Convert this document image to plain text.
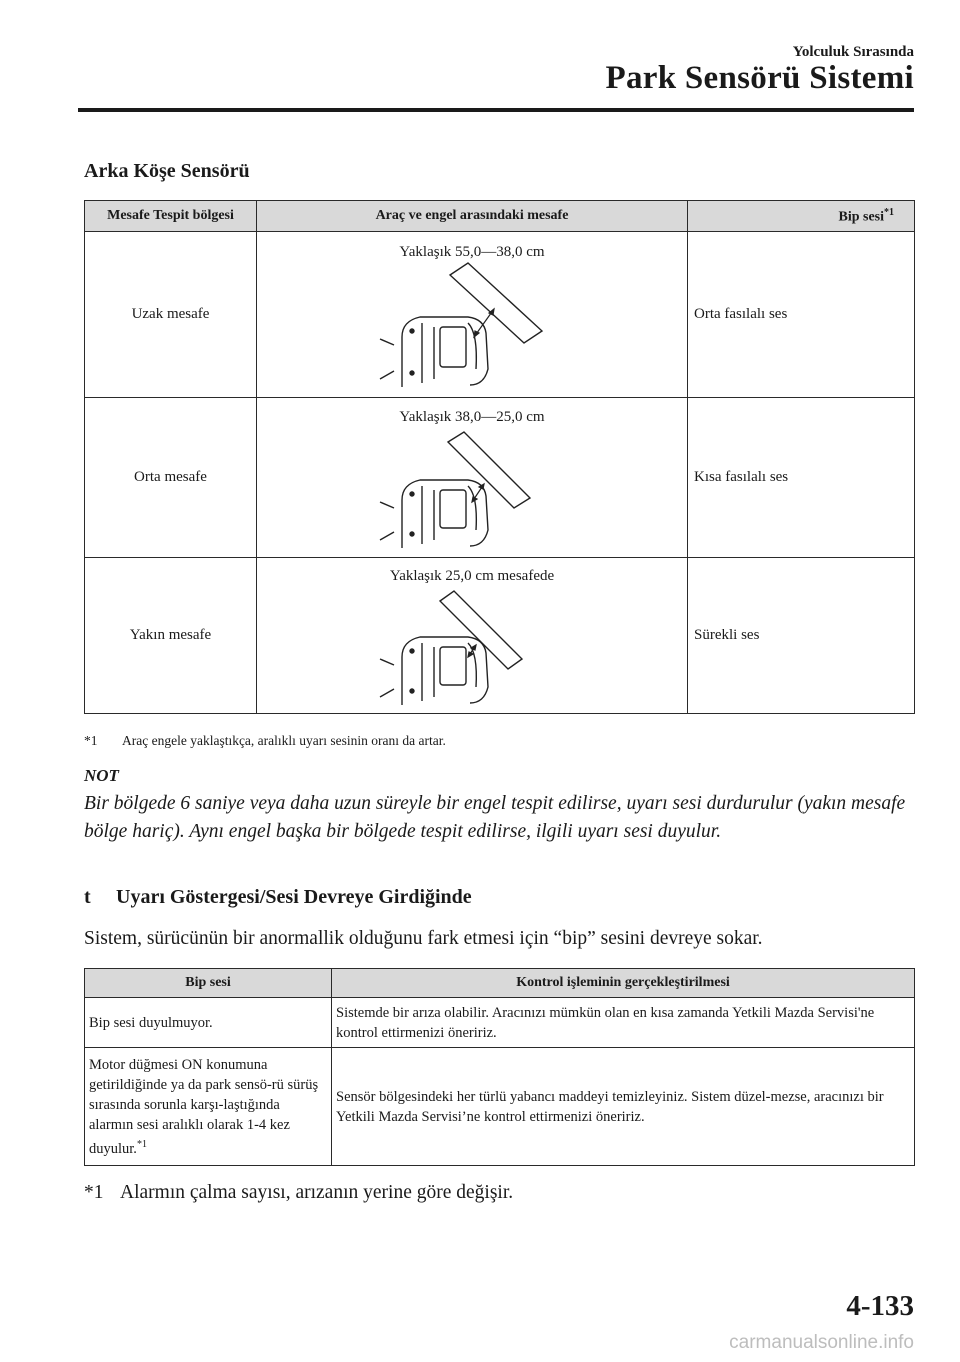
Yolculuk Sırasında
Park Sensörü Sistemi
Arka Köşe Sensörü
Mesafe Tespit bölgesi	Araç ve engel arasındaki mesafe	Bip sesi$^{*1}$
Uzak mesafe	Yaklaşık 55,0―38,0 cm	Orta fasılalı ses
Orta mesafe	Yaklaşık 38,0―25,0 cm	Kısa fasılalı ses
Yakın mesafe	Yaklaşık 25,0 cm mesafede	Sürekli ses
*1 Araç engele yaklaştıkça, aralıklı uyarı sesinin oranı da artar.
NOT
Bir bölgede 6 saniye veya daha uzun süreyle bir engel tespit edilirse, uyarı sesi durdurulur (yakın mesafe bölge hariç). Aynı engel başka bir bölgede tespit edilirse, ilgili uyarı sesi duyulur.
t Uyarı Göstergesi/Sesi Devreye Girdiğinde
Sistem, sürücünün bir anormallik olduğunu fark etmesi için “bip” sesini devreye sokar.
Bip sesi	Kontrol işleminin gerçekleştirilmesi
Bip sesi duyulmuyor.	Sistemde bir arıza olabilir. Aracınızı mümkün olan en kısa zamanda Yetkili Mazda Servisi'ne kontrol ettirmenizi öneririz.
Motor düğmesi ON konumuna getirildiğinde ya da park sensö-rü sürüş sırasında sorunla karşı-laştığında alarmın sesi aralıklı olarak 1-4 kez duyulur.$^{*1}$	Sensör bölgesindeki her türlü yabancı maddeyi temizleyiniz. Sistem düzel-mezse, aracınızı bir Yetkili Mazda Servisi’ne kontrol ettirmenizi öneririz.
*1 Alarmın çalma sayısı, arızanın yerine göre değişir.
4-133
carmanualsonline.info
